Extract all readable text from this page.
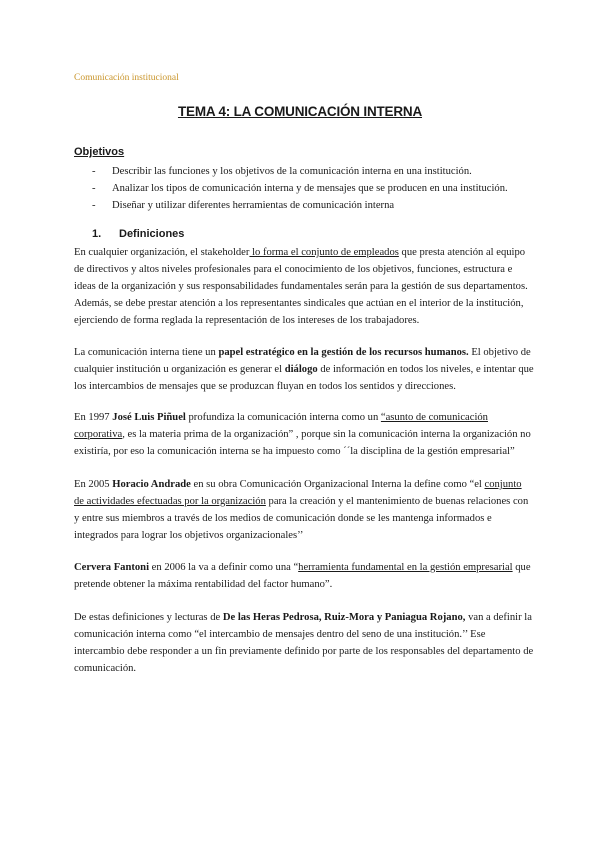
Comunicación institucional
TEMA 4: LA COMUNICACIÓN INTERNA
Objetivos
- Describir las funciones y los objetivos de la comunicación interna en una institución.
- Analizar los tipos de comunicación interna y de mensajes que se producen en una institución.
- Diseñar y utilizar diferentes herramientas de comunicación interna
1. Definiciones

En cualquier organización, el stakeholder lo forma el conjunto de empleados que presta atención al equipo de directivos y altos niveles profesionales para el conocimiento de los objetivos, funciones, estructura e ideas de la organización y sus responsabilidades fundamentales serán para la gestión de sus departamentos. Además, se debe prestar atención a los representantes sindicales que actúan en el interior de la institución, ejerciendo de forma reglada la representación de los intereses de los trabajadores.

La comunicación interna tiene un papel estratégico en la gestión de los recursos humanos. El objetivo de cualquier institución u organización es generar el diálogo de información en todos los niveles, e intentar que los intercambios de mensajes que se produzcan fluyan en todos los sentidos y direcciones.

En 1997 José Luis Piñuel profundiza la comunicación interna como un “asunto de comunicación corporativa, es la materia prima de la organización” , porque sin la comunicación interna la organización no existiría, por eso la comunicación interna se ha impuesto como ´´la disciplina de la gestión empresarial”

En 2005 Horacio Andrade en su obra Comunicación Organizacional Interna la define como “el conjunto de actividades efectuadas por la organización para la creación y el mantenimiento de buenas relaciones con y entre sus miembros a través de los medios de comunicación donde se les mantenga informados e integrados para lograr los objetivos organizacionales’’

Cervera Fantoni en 2006 la va a definir como una “herramienta fundamental en la gestión empresarial que pretende obtener la máxima rentabilidad del factor humano”.

De estas definiciones y lecturas de De las Heras Pedrosa, Ruiz-Mora y Paniagua Rojano, van a definir la comunicación interna como “el intercambio de mensajes dentro del seno de una institución.’’ Ese intercambio debe responder a un fin previamente definido por parte de los responsables del departamento de comunicación.
